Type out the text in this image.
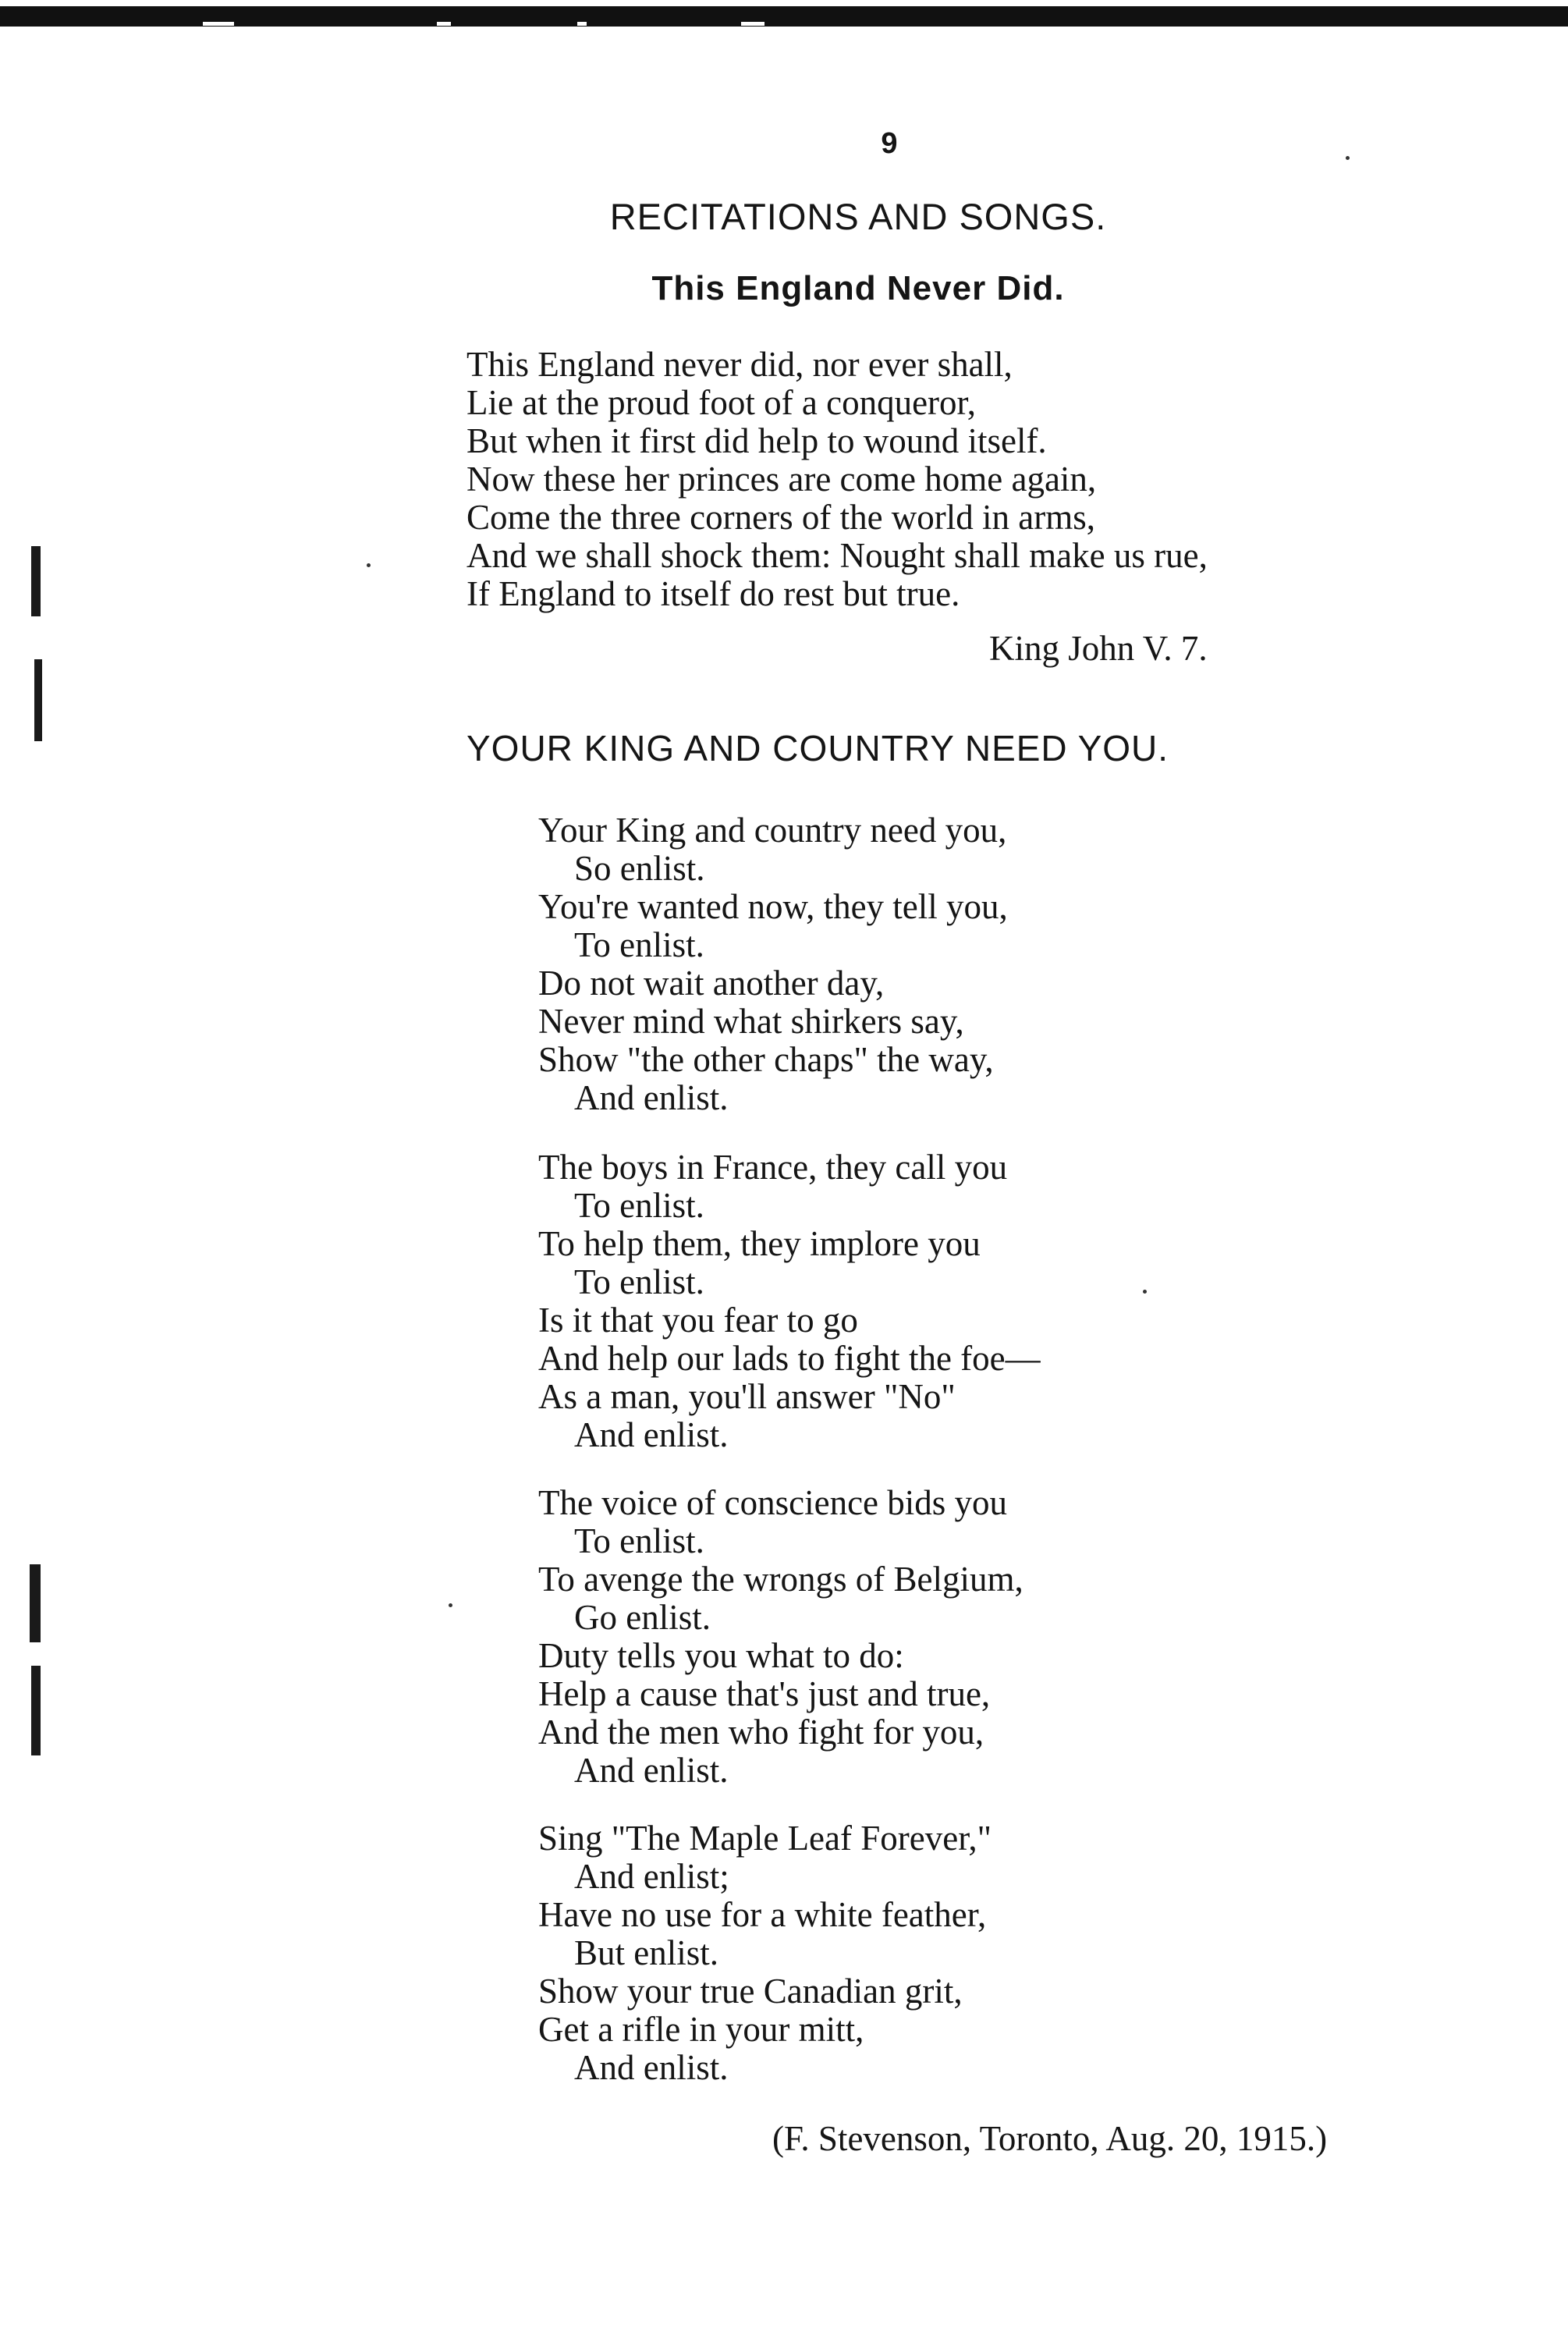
9
RECITATIONS AND SONGS.
This England Never Did.
This England never did, nor ever shall,
Lie at the proud foot of a conqueror,
But when it first did help to wound itself.
Now these her princes are come home again,
Come the three corners of the world in arms,
And we shall shock them: Nought shall make us rue,
If England to itself do rest but true.
King John V. 7.
YOUR KING AND COUNTRY NEED YOU.
Your King and country need you,
So enlist.
You're wanted now, they tell you,
To enlist.
Do not wait another day,
Never mind what shirkers say,
Show "the other chaps" the way,
And enlist.
The boys in France, they call you
To enlist.
To help them, they implore you
To enlist.
Is it that you fear to go
And help our lads to fight the foe—
As a man, you'll answer "No"
And enlist.
The voice of conscience bids you
To enlist.
To avenge the wrongs of Belgium,
Go enlist.
Duty tells you what to do:
Help a cause that's just and true,
And the men who fight for you,
And enlist.
Sing "The Maple Leaf Forever,"
And enlist;
Have no use for a white feather,
But enlist.
Show your true Canadian grit,
Get a rifle in your mitt,
And enlist.
(F. Stevenson, Toronto, Aug. 20, 1915.)
